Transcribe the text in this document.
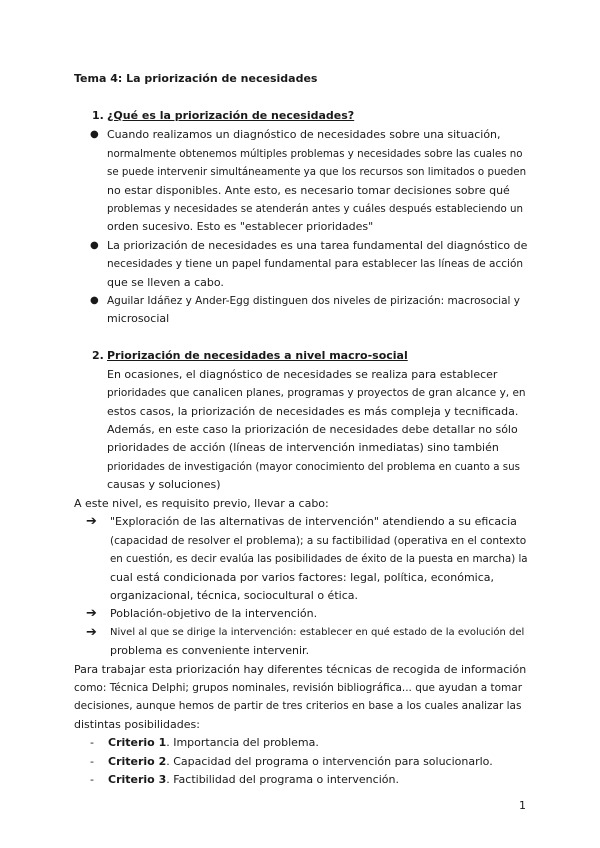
Tema 4: La priorización de necesidades
1. ¿Qué es la priorización de necesidades?
● Cuando realizamos un diagnóstico de necesidades sobre una situación,
normalmente obtenemos múltiples problemas y necesidades sobre las cuales no
se puede intervenir simultáneamente ya que los recursos son limitados o pueden
no estar disponibles. Ante esto, es necesario tomar decisiones sobre qué
problemas y necesidades se atenderán antes y cuáles después estableciendo un
orden sucesivo. Esto es "establecer prioridades"
● La priorización de necesidades es una tarea fundamental del diagnóstico de
necesidades y tiene un papel fundamental para establecer las líneas de acción
que se lleven a cabo.
● Aguilar Idáñez y Ander-Egg distinguen dos niveles de pirización: macrosocial y
microsocial
2. Priorización de necesidades a nivel macro-social
En ocasiones, el diagnóstico de necesidades se realiza para establecer
prioridades que canalicen planes, programas y proyectos de gran alcance y, en
estos casos, la priorización de necesidades es más compleja y tecnificada.
Además, en este caso la priorización de necesidades debe detallar no sólo
prioridades de acción (líneas de intervención inmediatas) sino también
prioridades de investigación (mayor conocimiento del problema en cuanto a sus
causas y soluciones)
A este nivel, es requisito previo, llevar a cabo:
➔ "Exploración de las alternativas de intervención" atendiendo a su eficacia
(capacidad de resolver el problema); a su factibilidad (operativa en el contexto
en cuestión, es decir evalúa las posibilidades de éxito de la puesta en marcha) la
cual está condicionada por varios factores: legal, política, económica,
organizacional, técnica, sociocultural o ética.
➔ Población-objetivo de la intervención.
➔ Nivel al que se dirige la intervención: establecer en qué estado de la evolución del
problema es conveniente intervenir.
Para trabajar esta priorización hay diferentes técnicas de recogida de información
como: Técnica Delphi; grupos nominales, revisión bibliográfica... que ayudan a tomar
decisiones, aunque hemos de partir de tres criterios en base a los cuales analizar las
distintas posibilidades:
- Criterio 1. Importancia del problema.
- Criterio 2. Capacidad del programa o intervención para solucionarlo.
- Criterio 3. Factibilidad del programa o intervención.
1
